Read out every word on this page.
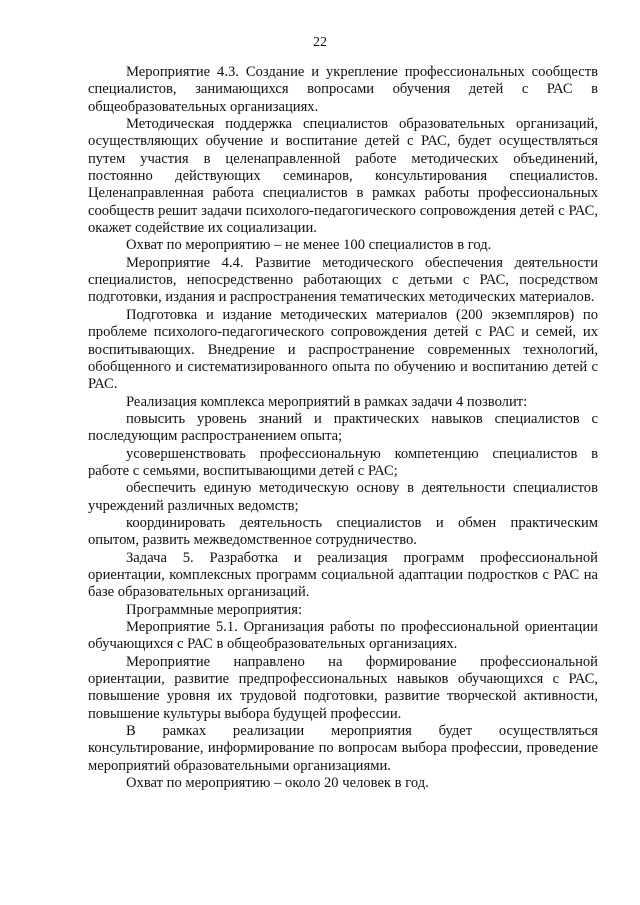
22

Мероприятие 4.3. Создание и укрепление профессиональных сообществ специалистов, занимающихся вопросами обучения детей с РАС в общеобразовательных организациях.

Методическая поддержка специалистов образовательных организаций, осуществляющих обучение и воспитание детей с РАС, будет осуществляться путем участия в целенаправленной работе методических объединений, постоянно действующих семинаров, консультирования специалистов. Целенаправленная работа специалистов в рамках работы профессиональных сообществ решит задачи психолого-педагогического сопровождения детей с РАС, окажет содействие их социализации.

Охват по мероприятию – не менее 100 специалистов в год.

Мероприятие 4.4. Развитие методического обеспечения деятельности специалистов, непосредственно работающих с детьми с РАС, посредством подготовки, издания и распространения тематических методических материалов.

Подготовка и издание методических материалов (200 экземпляров) по проблеме психолого-педагогического сопровождения детей с РАС и семей, их воспитывающих. Внедрение и распространение современных технологий, обобщенного и систематизированного опыта по обучению и воспитанию детей с РАС.

Реализация комплекса мероприятий в рамках задачи 4 позволит:

повысить уровень знаний и практических навыков специалистов с последующим распространением опыта;

усовершенствовать профессиональную компетенцию специалистов в работе с семьями, воспитывающими детей с РАС;

обеспечить единую методическую основу в деятельности специалистов учреждений различных ведомств;

координировать деятельность специалистов и обмен практическим опытом, развить межведомственное сотрудничество.

Задача 5. Разработка и реализация программ профессиональной ориентации, комплексных программ социальной адаптации подростков с РАС на базе образовательных организаций.

Программные мероприятия:

Мероприятие 5.1. Организация работы по профессиональной ориентации обучающихся с РАС в общеобразовательных организациях.

Мероприятие направлено на формирование профессиональной ориентации, развитие предпрофессиональных навыков обучающихся с РАС, повышение уровня их трудовой подготовки, развитие творческой активности, повышение культуры выбора будущей профессии.

В рамках реализации мероприятия будет осуществляться консультирование, информирование по вопросам выбора профессии, проведение мероприятий образовательными организациями.

Охват по мероприятию – около 20 человек в год.
